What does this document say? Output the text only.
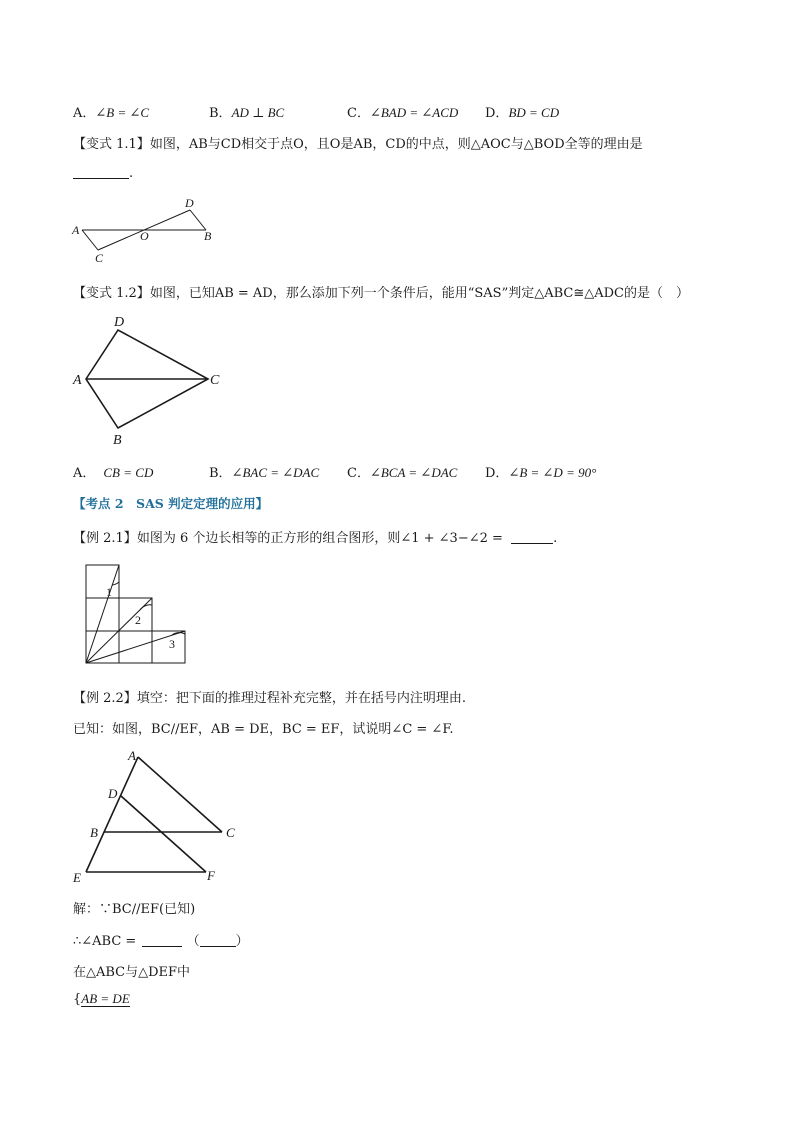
A．∠B = ∠C	B．AD ⊥ BC	C．∠BAD = ∠ACD D．BD = CD
【变式 1.1】如图，AB与CD相交于点O，且O是AB，CD的中点，则△AOC与△BOD全等的理由是
.
A	B
C
D
O
【变式 1.2】如图，已知AB = AD，那么添加下列一个条件后，能用“SAS”判定△ABC≅△ADC的是（　）
A
D
C
B
A． CB = CD	B．∠BAC = ∠DAC C．∠BCA = ∠DAC D．∠B = ∠D = 90°
【考点 2　SAS 判定定理的应用】
【例 2.1】如图为 6 个边长相等的正方形的组合图形，则∠1 + ∠3−∠2 =	.
1
2
3
【例 2.2】填空：把下面的推理过程补充完整，并在括号内注明理由.
已知：如图，BC//EF，AB = DE，BC = EF，试说明∠C = ∠F.
A
D
B	C
E	F
解：∵BC//EF(已知)
∴∠ABC =	（	）
在△ABC与△DEF中
{AB = DE
